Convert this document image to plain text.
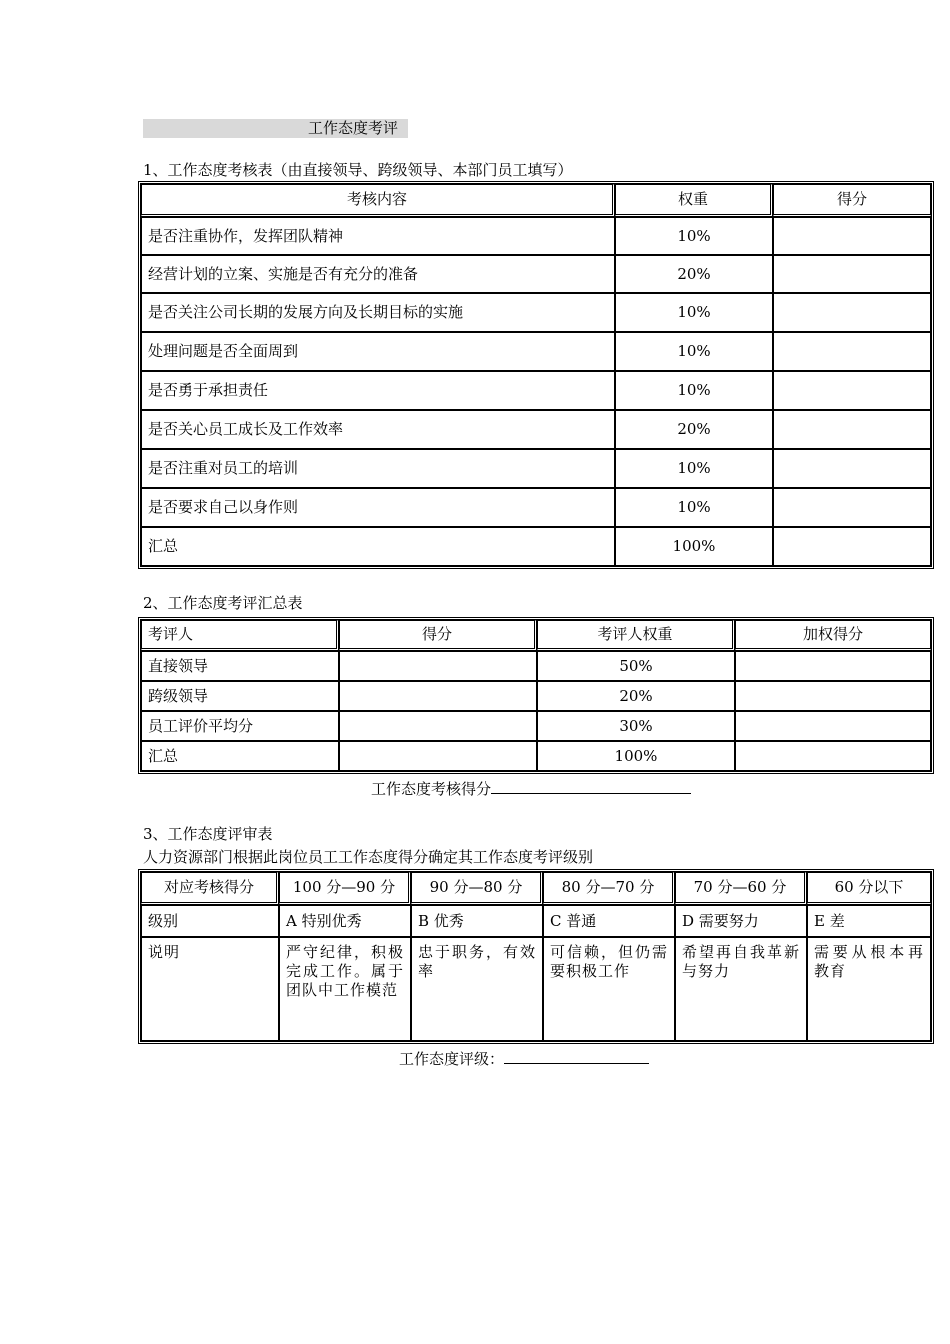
工作态度考评
1、工作态度考核表（由直接领导、跨级领导、本部门员工填写）
考核内容	权重	得分
是否注重协作，发挥团队精神	10%	
经营计划的立案、实施是否有充分的准备	20%	
是否关注公司长期的发展方向及长期目标的实施	10%	
处理问题是否全面周到	10%	
是否勇于承担责任	10%	
是否关心员工成长及工作效率	20%	
是否注重对员工的培训	10%	
是否要求自己以身作则	10%	
汇总	100%	
2、工作态度考评汇总表
考评人	得分	考评人权重	加权得分
直接领导		50%	
跨级领导		20%	
员工评价平均分		30%	
汇总		100%	
工作态度考核得分
3、工作态度评审表
人力资源部门根据此岗位员工工作态度得分确定其工作态度考评级别
对应考核得分	100 分—90 分	90 分—80 分	80 分—70 分	70 分—60 分	60 分以下
级别	A 特别优秀	B 优秀	C 普通	D 需要努力	E 差
说明	严守纪律，积极完成工作。属于团队中工作模范	忠于职务，有效率	可信赖，但仍需要积极工作	希望再自我革新与努力	需要从根本再教育
工作态度评级：
